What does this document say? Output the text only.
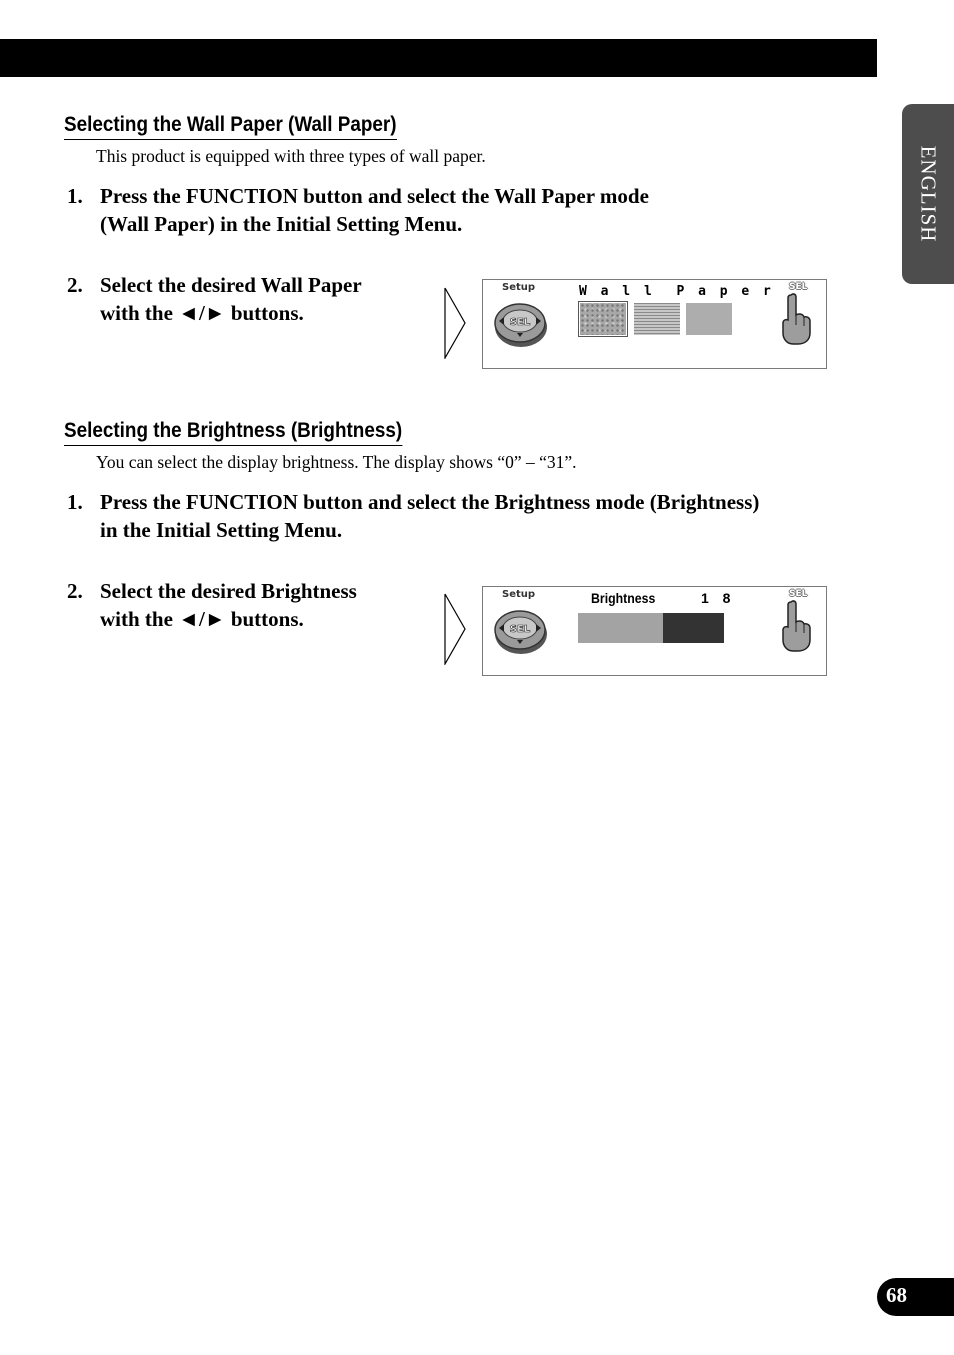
ENGLISH
Selecting the Wall Paper (Wall Paper)

This product is equipped with three types of wall paper.

1. Press the FUNCTION button and select the Wall Paper mode
(Wall Paper) in the Initial Setting Menu.
2. Select the desired Wall Paper
with the ◄/► buttons.
Setup
SEL
W a l l  P a p e r SEL
Selecting the Brightness (Brightness)

You can select the display brightness. The display shows “0” – “31”.

1. Press the FUNCTION button and select the Brightness mode (Brightness)
in the Initial Setting Menu.
2. Select the desired Brightness
with the ◄/► buttons.
Setup
SEL
Brightness	1 8	SEL
68
